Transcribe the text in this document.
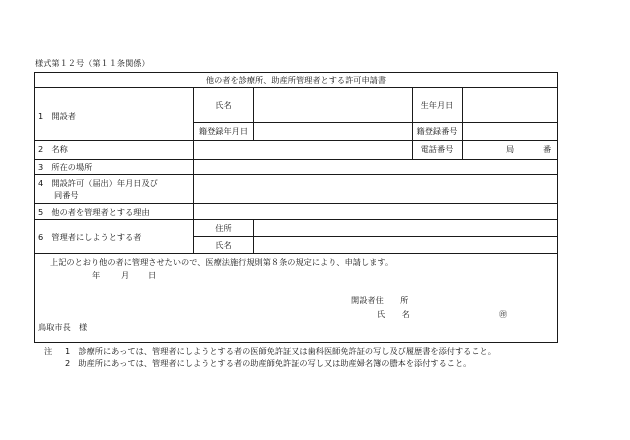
様式第１２号（第１１条関係）
他の者を診療所、助産所管理者とする許可申請書
1　開設者
氏名	生年月日
籍登録年月日	籍登録番号
2　名称	電話番号	局	番
3　所在の場所
4　開設許可（届出）年月日及び
同番号
5　他の者を管理者とする理由
6　管理者にしようとする者
住所
氏名
上記のとおり他の者に管理させたいので、医療法施行規則第８条の規定により、申請します。
年	月 日
開設者住　　所
氏　　名	㊞
鳥取市長　様
注 1　診療所にあっては、管理者にしようとする者の医師免許証又は歯科医師免許証の写し及び履歴書を添付すること。
2　助産所にあっては、管理者にしようとする者の助産師免許証の写し又は助産婦名簿の謄本を添付すること。
